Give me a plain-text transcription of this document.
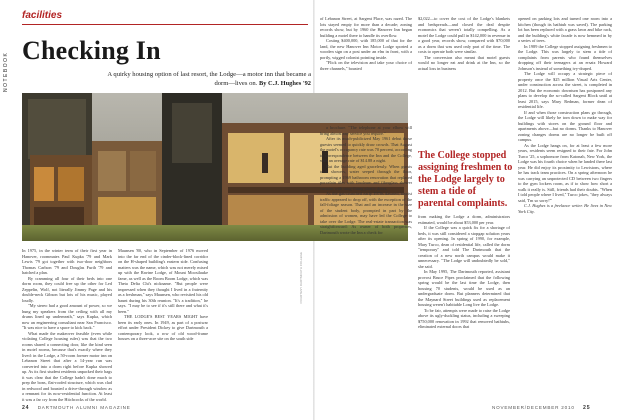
NOTEBOOK
facilities
Checking In
A quirky housing option of last resort, the Lodge—a motor inn that became a dorm—lives on. By C.J. Hughes '92
COURTESY DARTMOUTH COLLEGE

In 1975, in the winter term of their first year in Hanover, roommates Paul Kupka '79 and Mark Lewis '79 got together with two-door neighbors Thomas Carlson '79 and Douglas Furth '79 and hatched a plan.

By cramming all four of their beds into one dorm room, they could free up the other for Led Zeppelin, Wolf, not literally Jimmy Page and his double-neck Gibson but lots of his music, played loudly.

"My stereo had a good amount of power, so we hung my speakers from the ceiling with all my drums lined up underneath," says Kupka, which now an engineering consultant near San Francisco. "It was nice to have a space to kick back."

What made the makeover feasible (even while violating College housing rules) was that the two rooms shared a connecting door, like the kind seen in motel rooms, because that's exactly where they lived: in the Lodge, a 50-room former motor inn on Lebanon Street that after a 14-year run was converted into a dorm right before Kupka showed up. As its first student residents unpacked their bags it was clear that the College hadn't done much to prep the bons, flat-roofed structure, which was clad in redwood and boasted a drive-through window as a remnant for its now-residential function. At least it was a far cry from the Hitchcocks of the world.

Maunsen '80, who in September of 1976 moved into the far end of the cinder-block-lined corridor on the H-shaped building's eastern side. Confusing matters was the name, which was not merely mixed up with the Ravine Lodge, of Mount Moosilauke fame, as well as the Room Boom Lodge, which was Theta Delta Chi's nickname. "But people were impressed when they thought I lived in a fraternity as a freshman," says Maunsen, who revisited his old haunt during his 30th reunion. "It's a tradition," he says. "I may be to see if it's still there and what it's been."

THE LODGE'S BEST YEARS MIGHT have been its early ones. In 1949, as part of a postwar effort under President Dickey to give Dartmouth a contemporary look, a row of old wood-frame houses on a three-acre site on the south side

of Lebanon Street, at Sargent Place, was razed. The lots stayed empty for more than a decade; zoning records show, but by 1960 the Hanover Inn began building a motel there to handle its overflow.

Costing $400,000, with 185,000 of that for the land, the new Hanover Inn Motor Lodge sported a wooden sign on a post under an elm in front, with a portly, wigged colonist pointing inside.

"Flick on the television and take your choice of three channels," boasted

a brochure. "The telephone at your elbow will bring almost any service you require."

After its much-publicized May 1961 debut those guestrs seemed to quickly draw crowds. That August the motel's occupancy rate was 70 percent, according to correspondence between the Inn and the College, with an average rate of $14.88 a night.

But the building aged gracelessly. When guests took showers, water seeped through the floor, prompting a 1969 bathroom renovation that replaced porcelain tiles with linoleum and fiberglass shower curtains with snug-fitting plastic doors.

As the gas-crunched early 1970s dawned, tourist traffic appeared to drop off, with the exception of the fall-foliage season. That and an increase in the size of the student body, prompted in part by the admission of women, may have led the College to take over the Lodge. The real-estate transaction was straightforward: As owner of both properties, Dartmouth wrote the Inn a check for

$2,022—to cover the cost of the Lodge's blankets and bedspreads—and closed the deal despite economics that weren't totally compelling. As a motel the Lodge could pull in $142,000 in revenue in a good year, records show, compared with $70,000 as a dorm that was used only part of the time. The costs to operate both were similar.

The conversion also meant that motel guests would no longer eat and drink at the Inn, so the actual loss in business

The College stopped assigning freshmen to the Lodge largely to stem a tide of parental complaints.

from making the Lodge a dorm, administrators estimated, would be about $53,000 per year.

If the College was a quick fix for a shortage of beds, it was still considered a stopgap solution years after its opening. In spring of 1990, for example, Mary Turco, dean of residential life, called the dorm "temporary" and told The Dartmouth that the creation of a new north campus would make it unnecessary. "The Lodge will undoubtedly be sold," she said.

In May 1995, The Dartmouth reported, assistant provost Bruce Pipes proclaimed that the following spring would be the last time the Lodge, then housing 70 students, would be used as an undergraduate dorm. But planners determined that the Maynard Street buildings used as replacement housing weren't habitable Long live the Lodge.

To be fair, attempts were made to raise the Lodge above its ugly-duckling status, including a sweeping $750,000 renovation in 1992 that removed bathtubs, eliminated external doors that

opened on parking lots and turned one room into a kitchen (though its bathtub was saved). The parking lot has been replaced with a grass lawn and bike rack, and the building's white facade is now hemmed in by a series of trees.

In 1989 the College stopped assigning freshmen to the Lodge. This was largely to stem a tide of complaints from parents who found themselves dropping off their teenagers at an ersatz Howard Johnson's instead of something ivy-draped.

The Lodge will occupy a strategic piece of property once the $25 million Visual Arts Center, under construction across the street, is completed in 2012. But the economic downturn has postponed any plans to develop the so-called Sargent Block until at least 2015, says Mary Redman, former dean of residential life.

If and when those construction plans go through, the Lodge will likely be torn down to make way for buildings with stores on the ground floor and apartments above—but no dorms. Thanks to Hanover zoning changes dorms are no longer be built off campus.

As the Lodge hangs on, for at least a few more years, residents seem resigned to their fate. For John Turco '25, a sophomore from Katonah, New York, the Lodge was his fourth choice when he landed there last year. He did enjoy its proximity to Lewistons, where he has track team practices. On a spring afternoon he was carrying an unprotected CD between two fingers to the gym lockers room, as if to show how short a walk it really is. Still, friends had their doubts. "When I told people where I lived," Turco jokes, "they always said, 'I'm so sorry!'"

C.J. Hughes is a freelance writer. He lives in New York City.

24 DARTMOUTH ALUMNI MAGAZINE	NOVEMBER/DECEMBER 2010 25
